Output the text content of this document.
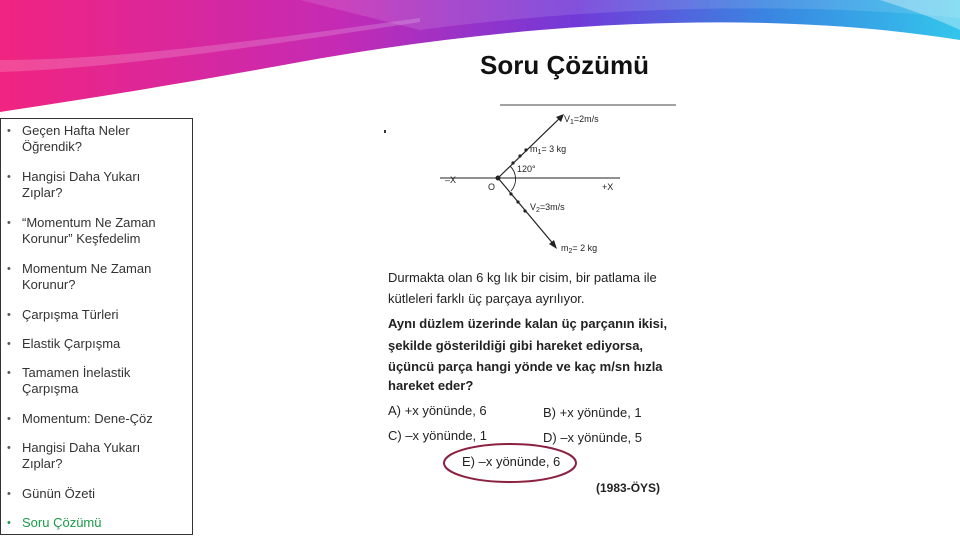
Soru Çözümü
• Geçen Hafta Neler Öğrendik?
• Hangisi Daha Yukarı Zıplar?
• “Momentum Ne Zaman Korunur” Keşfedelim
• Momentum Ne Zaman Korunur?
• Çarpışma Türleri
• Elastik Çarpışma
• Tamamen İnelastik Çarpışma
• Momentum: Dene-Çöz
• Hangisi Daha Yukarı Zıplar?
• Günün Özeti
• Soru Çözümü
$V_1=2m/s$
$m_1= 3$ kg
120°
–X
O	+X
$V_2=3m/s$
$m_2= 2$ kg
Durmakta olan 6 kg lık bir cisim, bir patlama ile
kütleleri farklı üç parçaya ayrılıyor.
Aynı düzlem üzerinde kalan üç parçanın ikisi,
şekilde gösterildiği gibi hareket ediyorsa,
üçüncü parça hangi yönde ve kaç m/sn hızla
hareket eder?
A) +x yönünde, 6	B) +x yönünde, 1
C) –x yönünde, 1	D) –x yönünde, 5
E) –x yönünde, 6
(1983-ÖYS)
